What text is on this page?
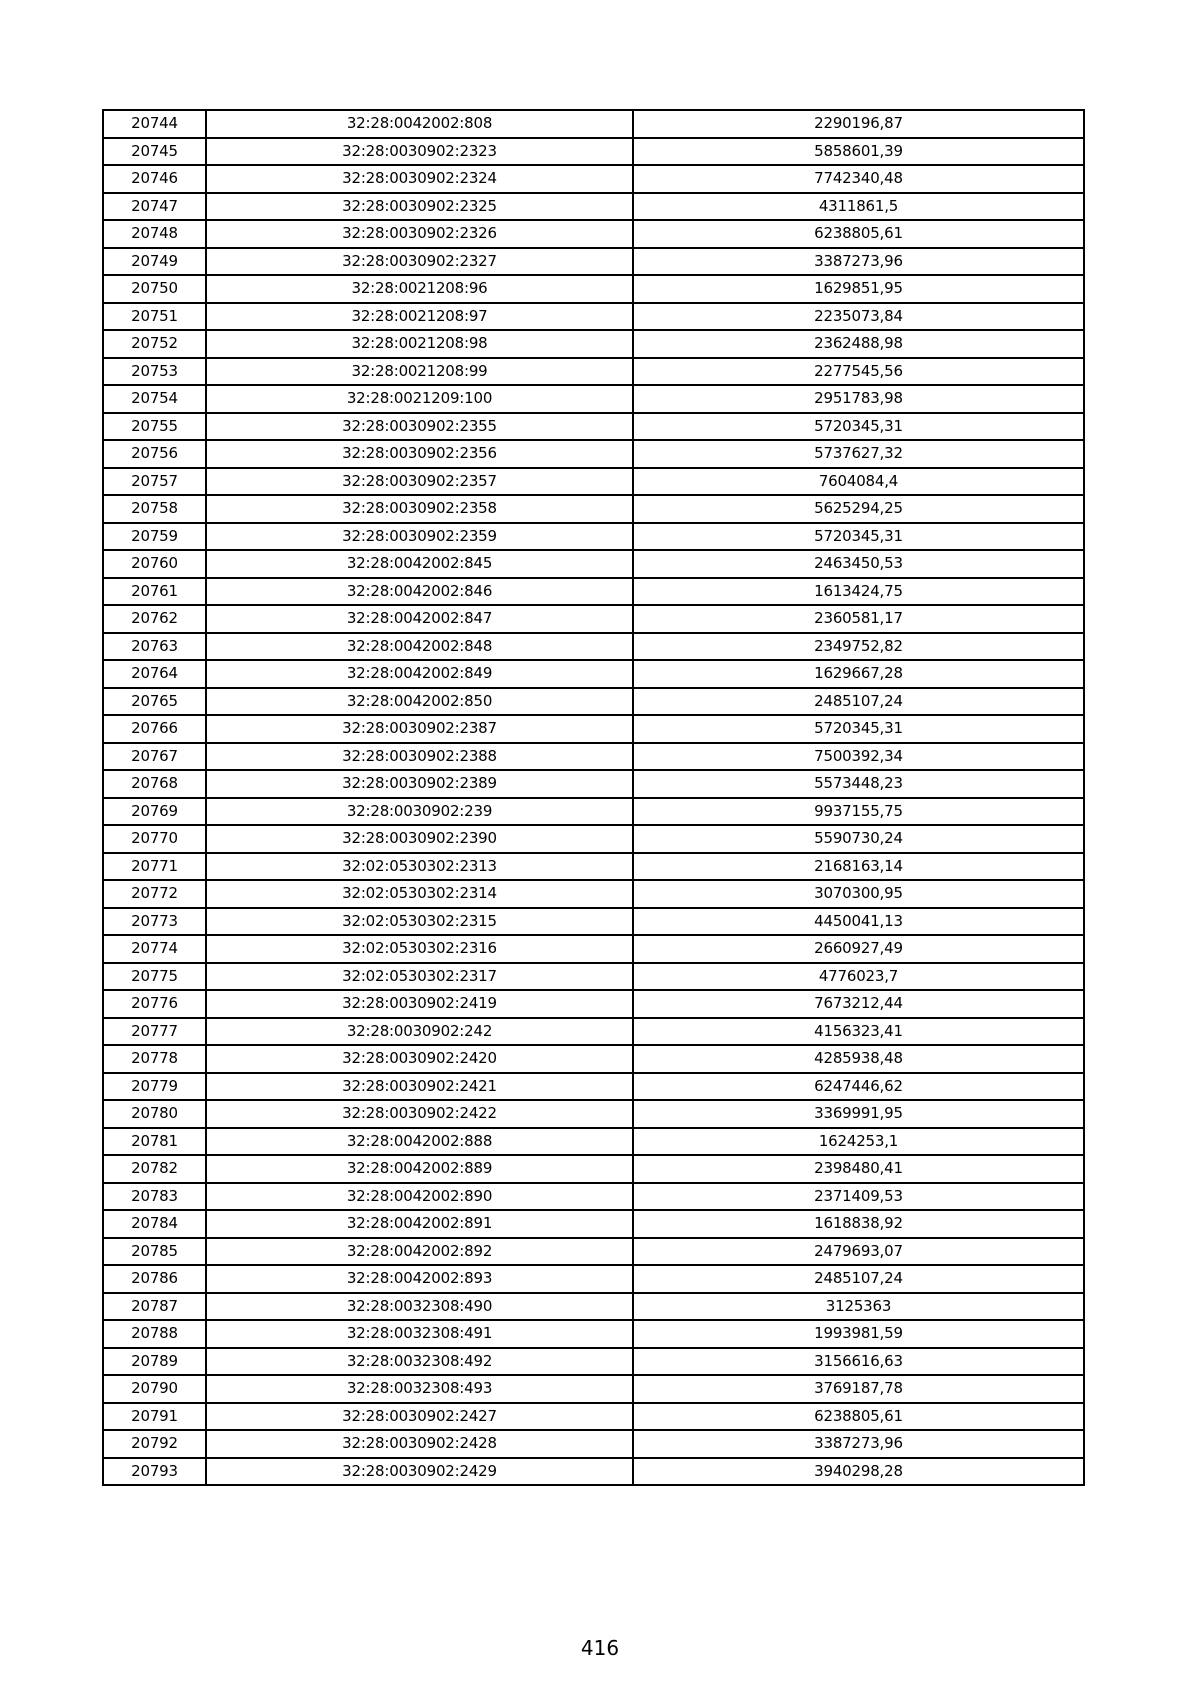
20744	32:28:0042002:808	2290196,87
20745	32:28:0030902:2323	5858601,39
20746	32:28:0030902:2324	7742340,48
20747	32:28:0030902:2325	4311861,5
20748	32:28:0030902:2326	6238805,61
20749	32:28:0030902:2327	3387273,96
20750	32:28:0021208:96	1629851,95
20751	32:28:0021208:97	2235073,84
20752	32:28:0021208:98	2362488,98
20753	32:28:0021208:99	2277545,56
20754	32:28:0021209:100	2951783,98
20755	32:28:0030902:2355	5720345,31
20756	32:28:0030902:2356	5737627,32
20757	32:28:0030902:2357	7604084,4
20758	32:28:0030902:2358	5625294,25
20759	32:28:0030902:2359	5720345,31
20760	32:28:0042002:845	2463450,53
20761	32:28:0042002:846	1613424,75
20762	32:28:0042002:847	2360581,17
20763	32:28:0042002:848	2349752,82
20764	32:28:0042002:849	1629667,28
20765	32:28:0042002:850	2485107,24
20766	32:28:0030902:2387	5720345,31
20767	32:28:0030902:2388	7500392,34
20768	32:28:0030902:2389	5573448,23
20769	32:28:0030902:239	9937155,75
20770	32:28:0030902:2390	5590730,24
20771	32:02:0530302:2313	2168163,14
20772	32:02:0530302:2314	3070300,95
20773	32:02:0530302:2315	4450041,13
20774	32:02:0530302:2316	2660927,49
20775	32:02:0530302:2317	4776023,7
20776	32:28:0030902:2419	7673212,44
20777	32:28:0030902:242	4156323,41
20778	32:28:0030902:2420	4285938,48
20779	32:28:0030902:2421	6247446,62
20780	32:28:0030902:2422	3369991,95
20781	32:28:0042002:888	1624253,1
20782	32:28:0042002:889	2398480,41
20783	32:28:0042002:890	2371409,53
20784	32:28:0042002:891	1618838,92
20785	32:28:0042002:892	2479693,07
20786	32:28:0042002:893	2485107,24
20787	32:28:0032308:490	3125363
20788	32:28:0032308:491	1993981,59
20789	32:28:0032308:492	3156616,63
20790	32:28:0032308:493	3769187,78
20791	32:28:0030902:2427	6238805,61
20792	32:28:0030902:2428	3387273,96
20793	32:28:0030902:2429	3940298,28
416
